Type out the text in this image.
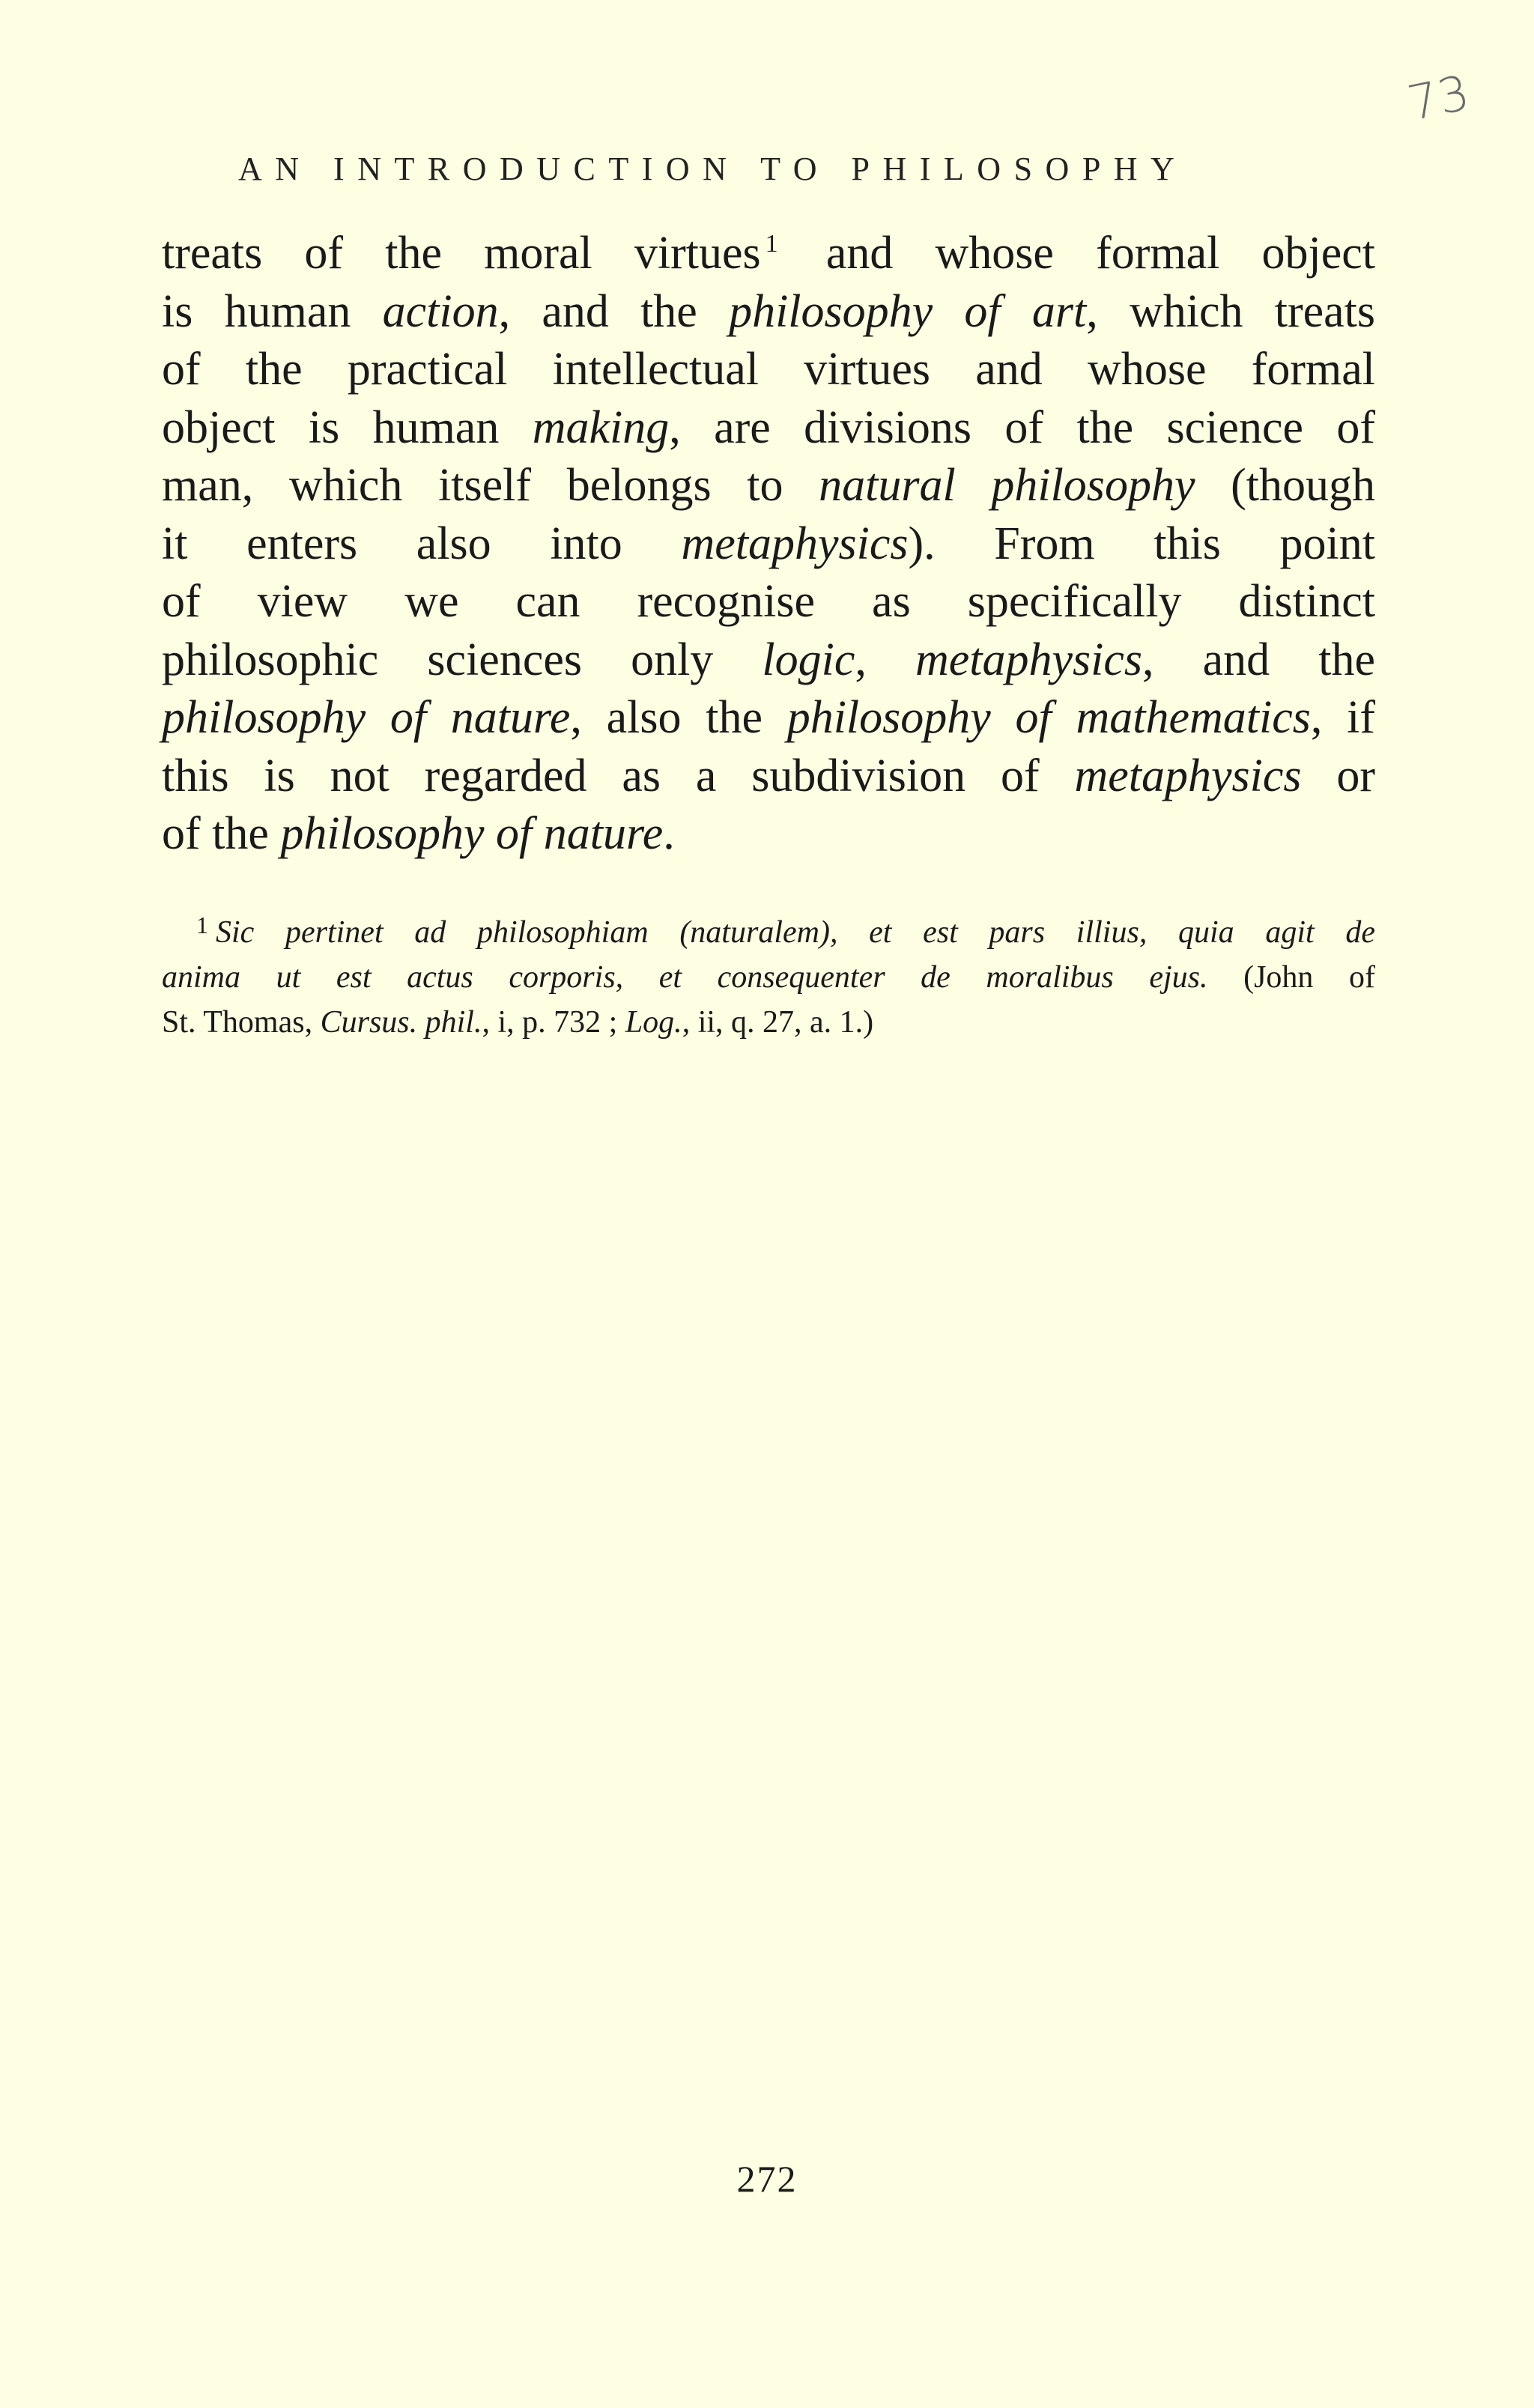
73
AN INTRODUCTION TO PHILOSOPHY
treats of the moral virtues $^1$ and whose formal object
is human action, and the philosophy of art, which treats
of the practical intellectual virtues and whose formal
object is human making, are divisions of the science of
man, which itself belongs to natural philosophy (though
it enters also into metaphysics). From this point
of view we can recognise as specifically distinct
philosophic sciences only logic, metaphysics, and the
philosophy of nature, also the philosophy of mathematics, if
this is not regarded as a subdivision of metaphysics or
of the philosophy of nature.
$^1$ Sic pertinet ad philosophiam (naturalem), et est pars illius, quia agit de
anima ut est actus corporis, et consequenter de moralibus ejus. (John of
St. Thomas, Cursus. phil., i, p. 732 ; Log., ii, q. 27, a. 1.)
272
